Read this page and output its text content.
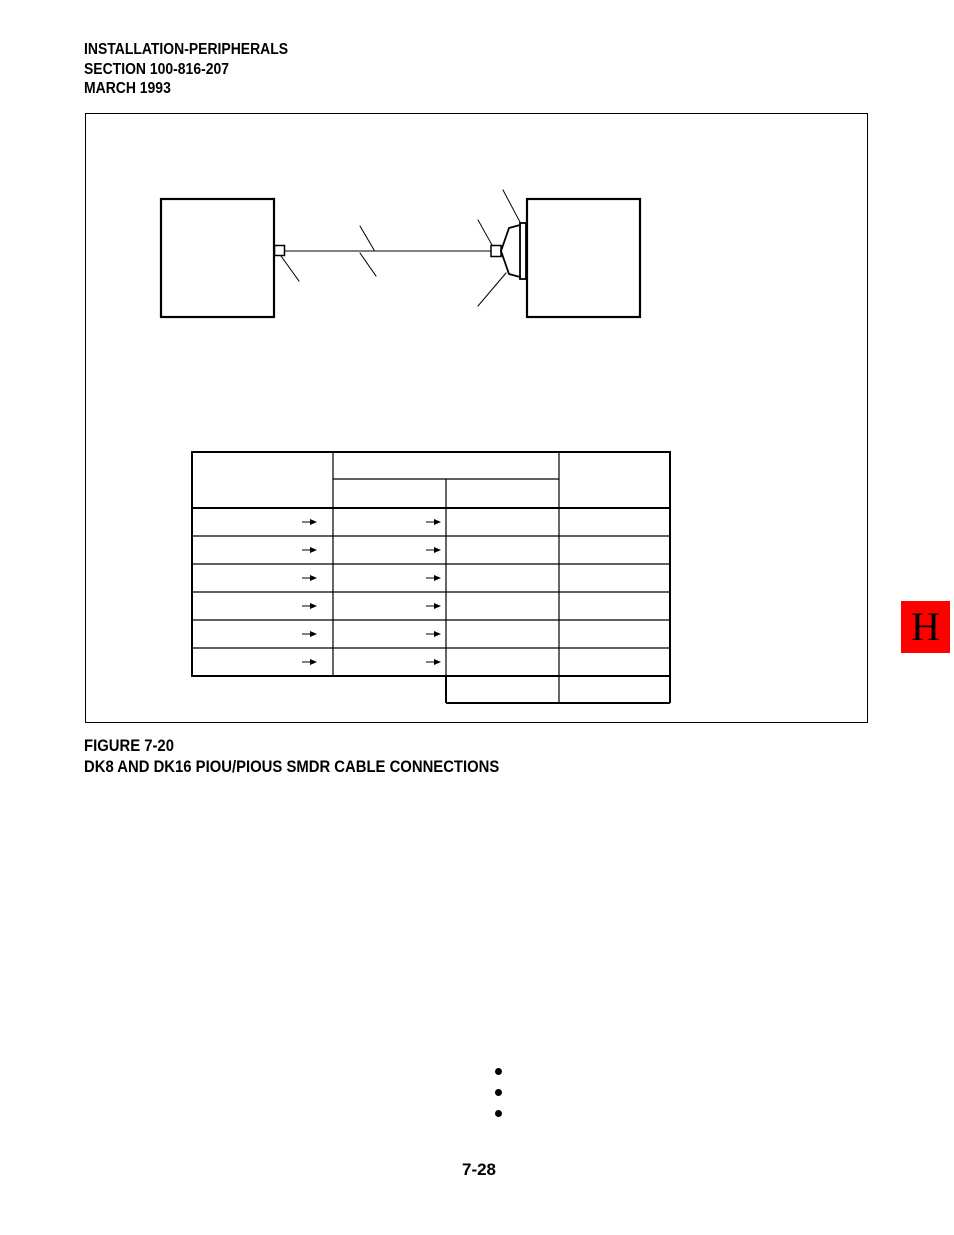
INSTALLATION-PERIPHERALS
SECTION 100-816-207
MARCH 1993
FIGURE 7-20
DK8 AND DK16 PIOU/PIOUS SMDR CABLE CONNECTIONS
H
7-28
